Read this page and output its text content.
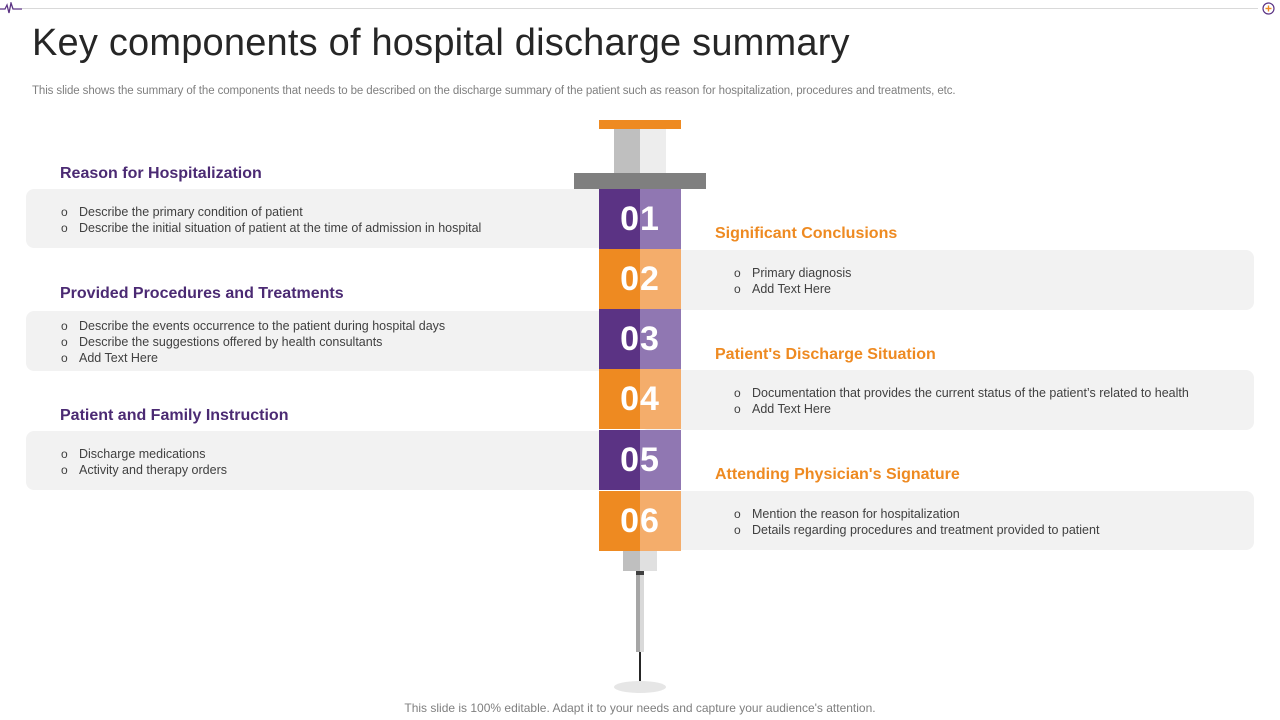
Key components of hospital discharge summary

This slide shows the summary of the components that needs to be described on the discharge summary of the patient such as reason for hospitalization, procedures and treatments, etc.

o Describe the primary condition of patient
o Describe the initial situation of patient at the time of admission in hospital
Reason for Hospitalization
o Describe the events occurrence to the patient during hospital days
o Describe the suggestions offered by health consultants
o Add Text Here
Provided Procedures and Treatments
o Discharge medications
o Activity and therapy orders
Patient and Family Instruction
o Primary diagnosis
o Add Text Here
Significant Conclusions
o Documentation that provides the current status of the patient’s related to health
o Add Text Here
Patient's Discharge Situation
o Mention the reason for hospitalization
o Details regarding procedures and treatment provided to patient
Attending Physician's Signature
01
02
03
04
05
06
This slide is 100% editable. Adapt it to your needs and capture your audience's attention.
